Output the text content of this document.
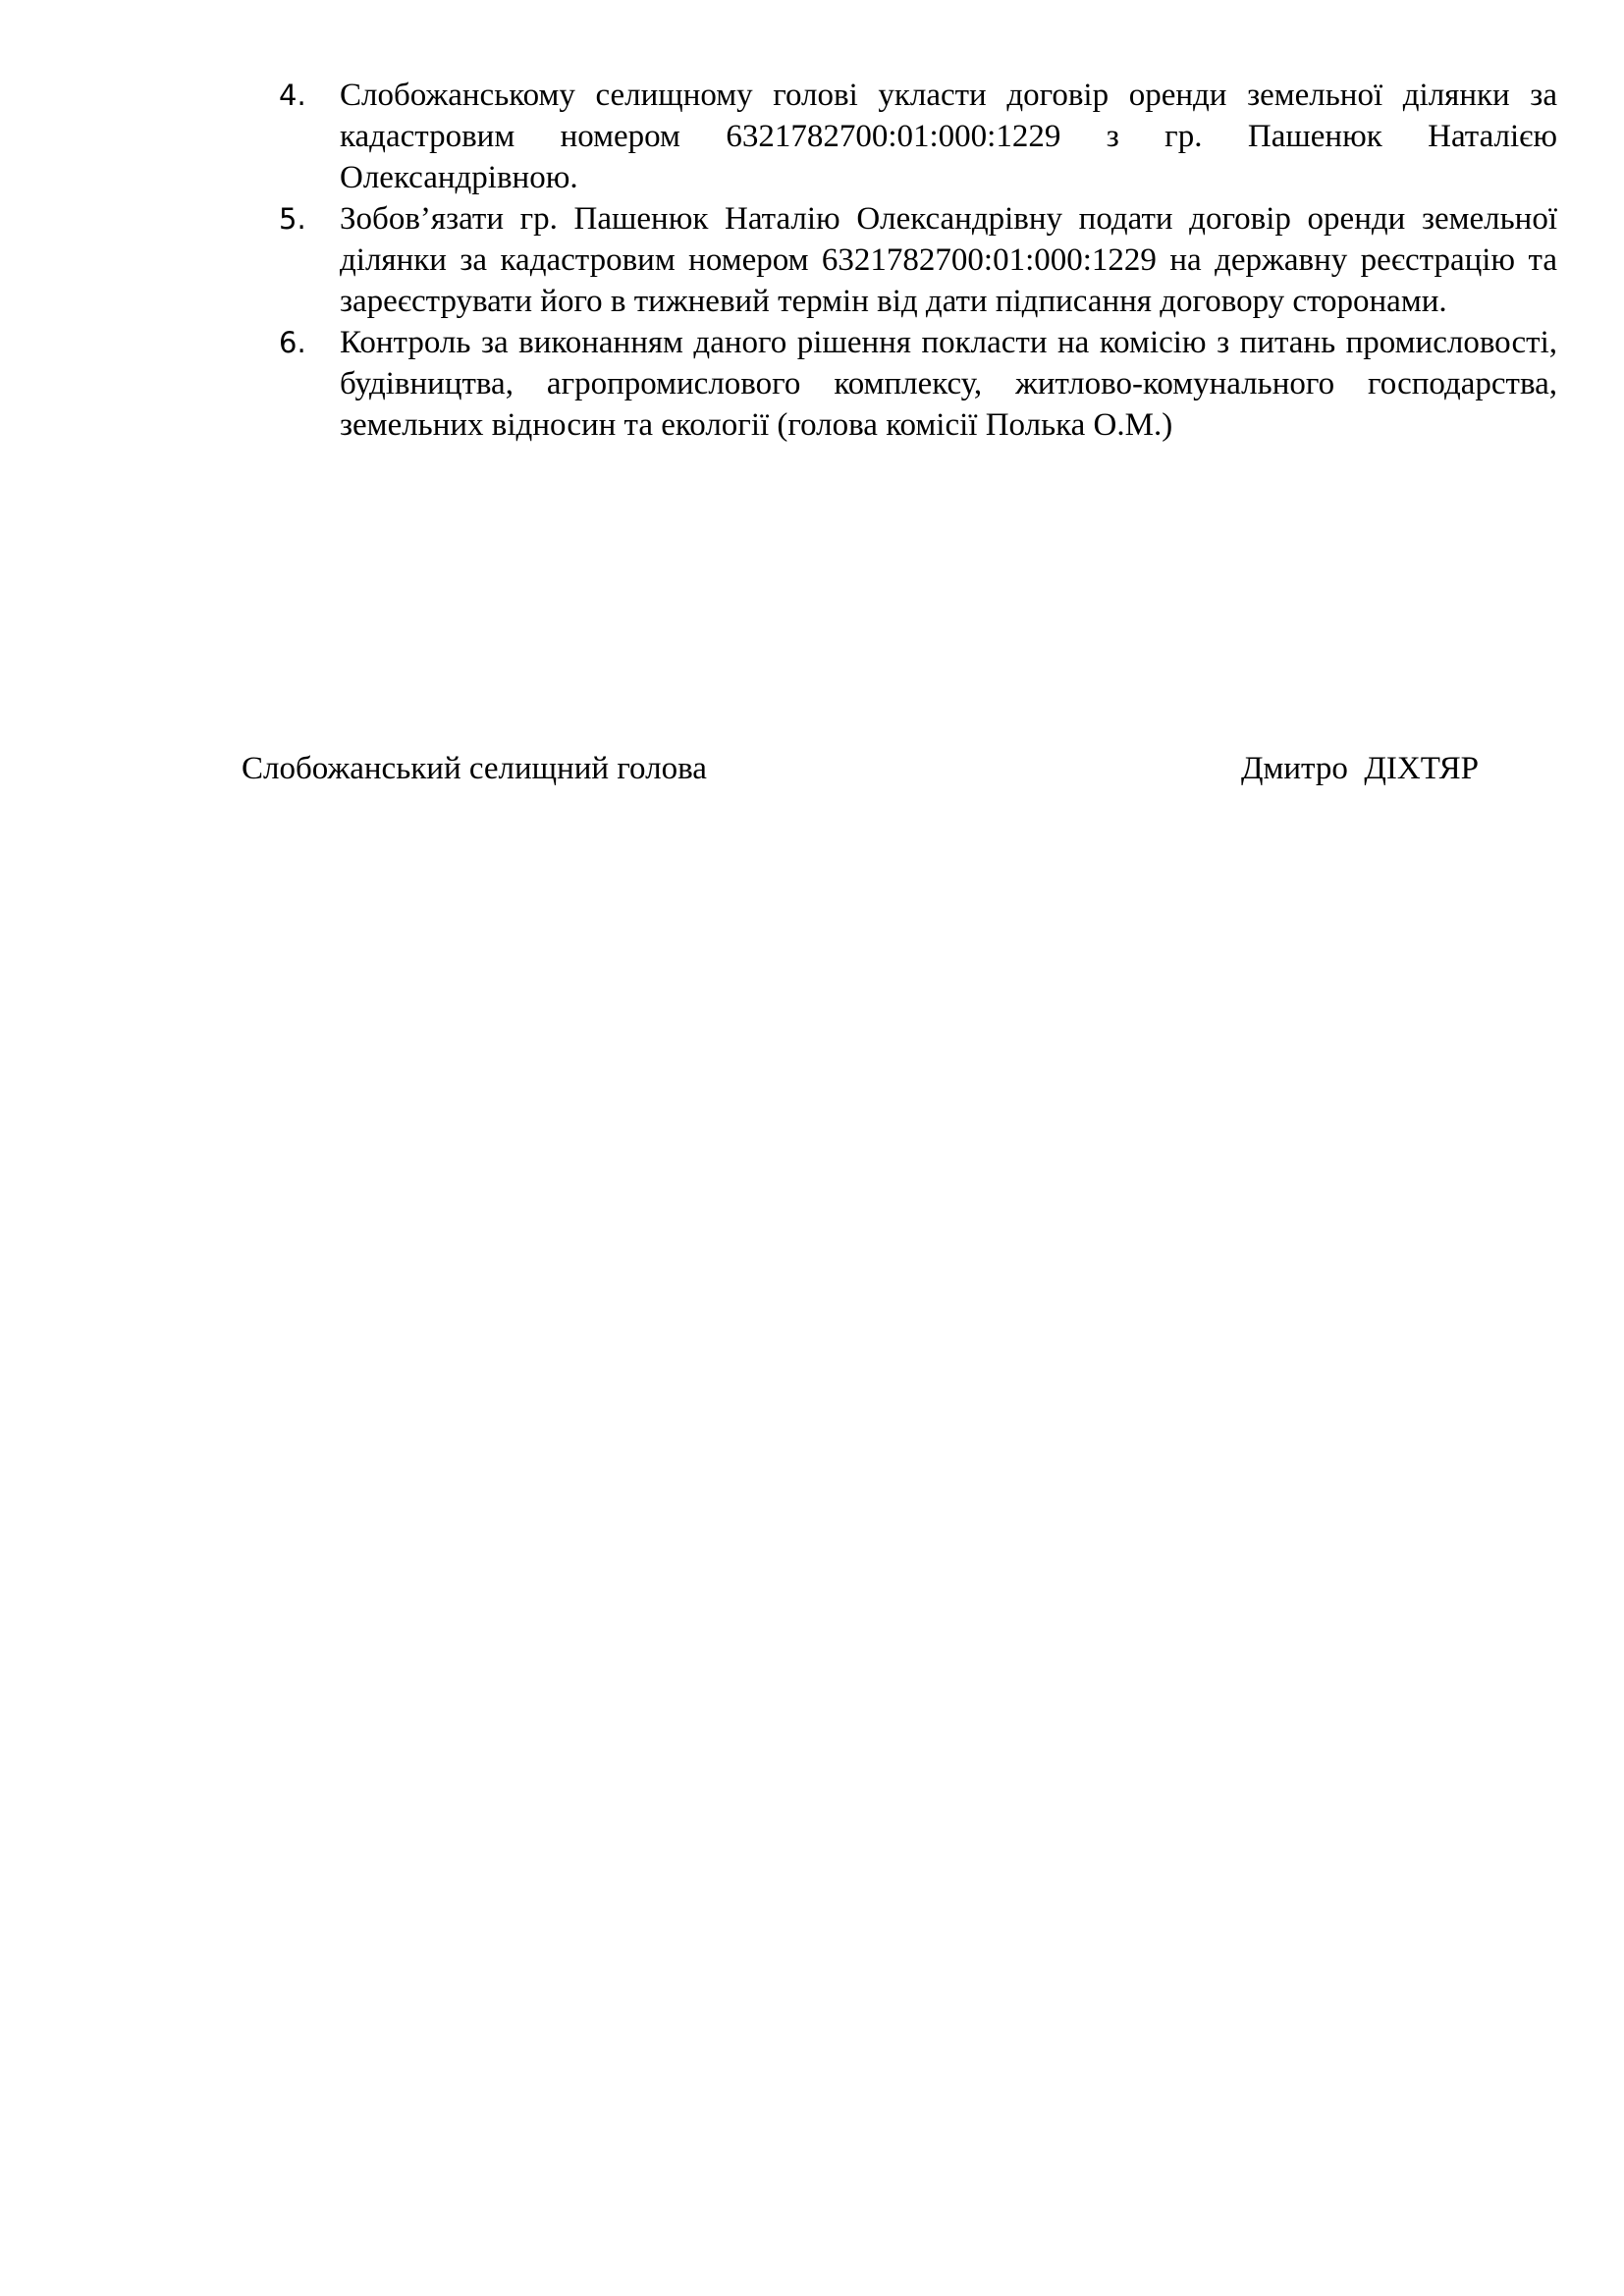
4. Слобожанському селищному голові укласти договір оренди земельної ділянки за кадастровим номером 6321782700:01:000:1229 з гр. Пашенюк Наталією Олександрівною.
5. Зобов’язати гр. Пашенюк Наталію Олександрівну подати договір оренди земельної ділянки за кадастровим номером 6321782700:01:000:1229 на державну реєстрацію та зареєструвати його в тижневий термін від дати підписання договору сторонами.
6. Контроль за виконанням даного рішення покласти на комісію з питань промисловості, будівництва, агропромислового комплексу, житлово-комунального господарства, земельних відносин та екології (голова комісії Полька О.М.)
Слобожанський селищний голова	Дмитро  ДІХТЯР
